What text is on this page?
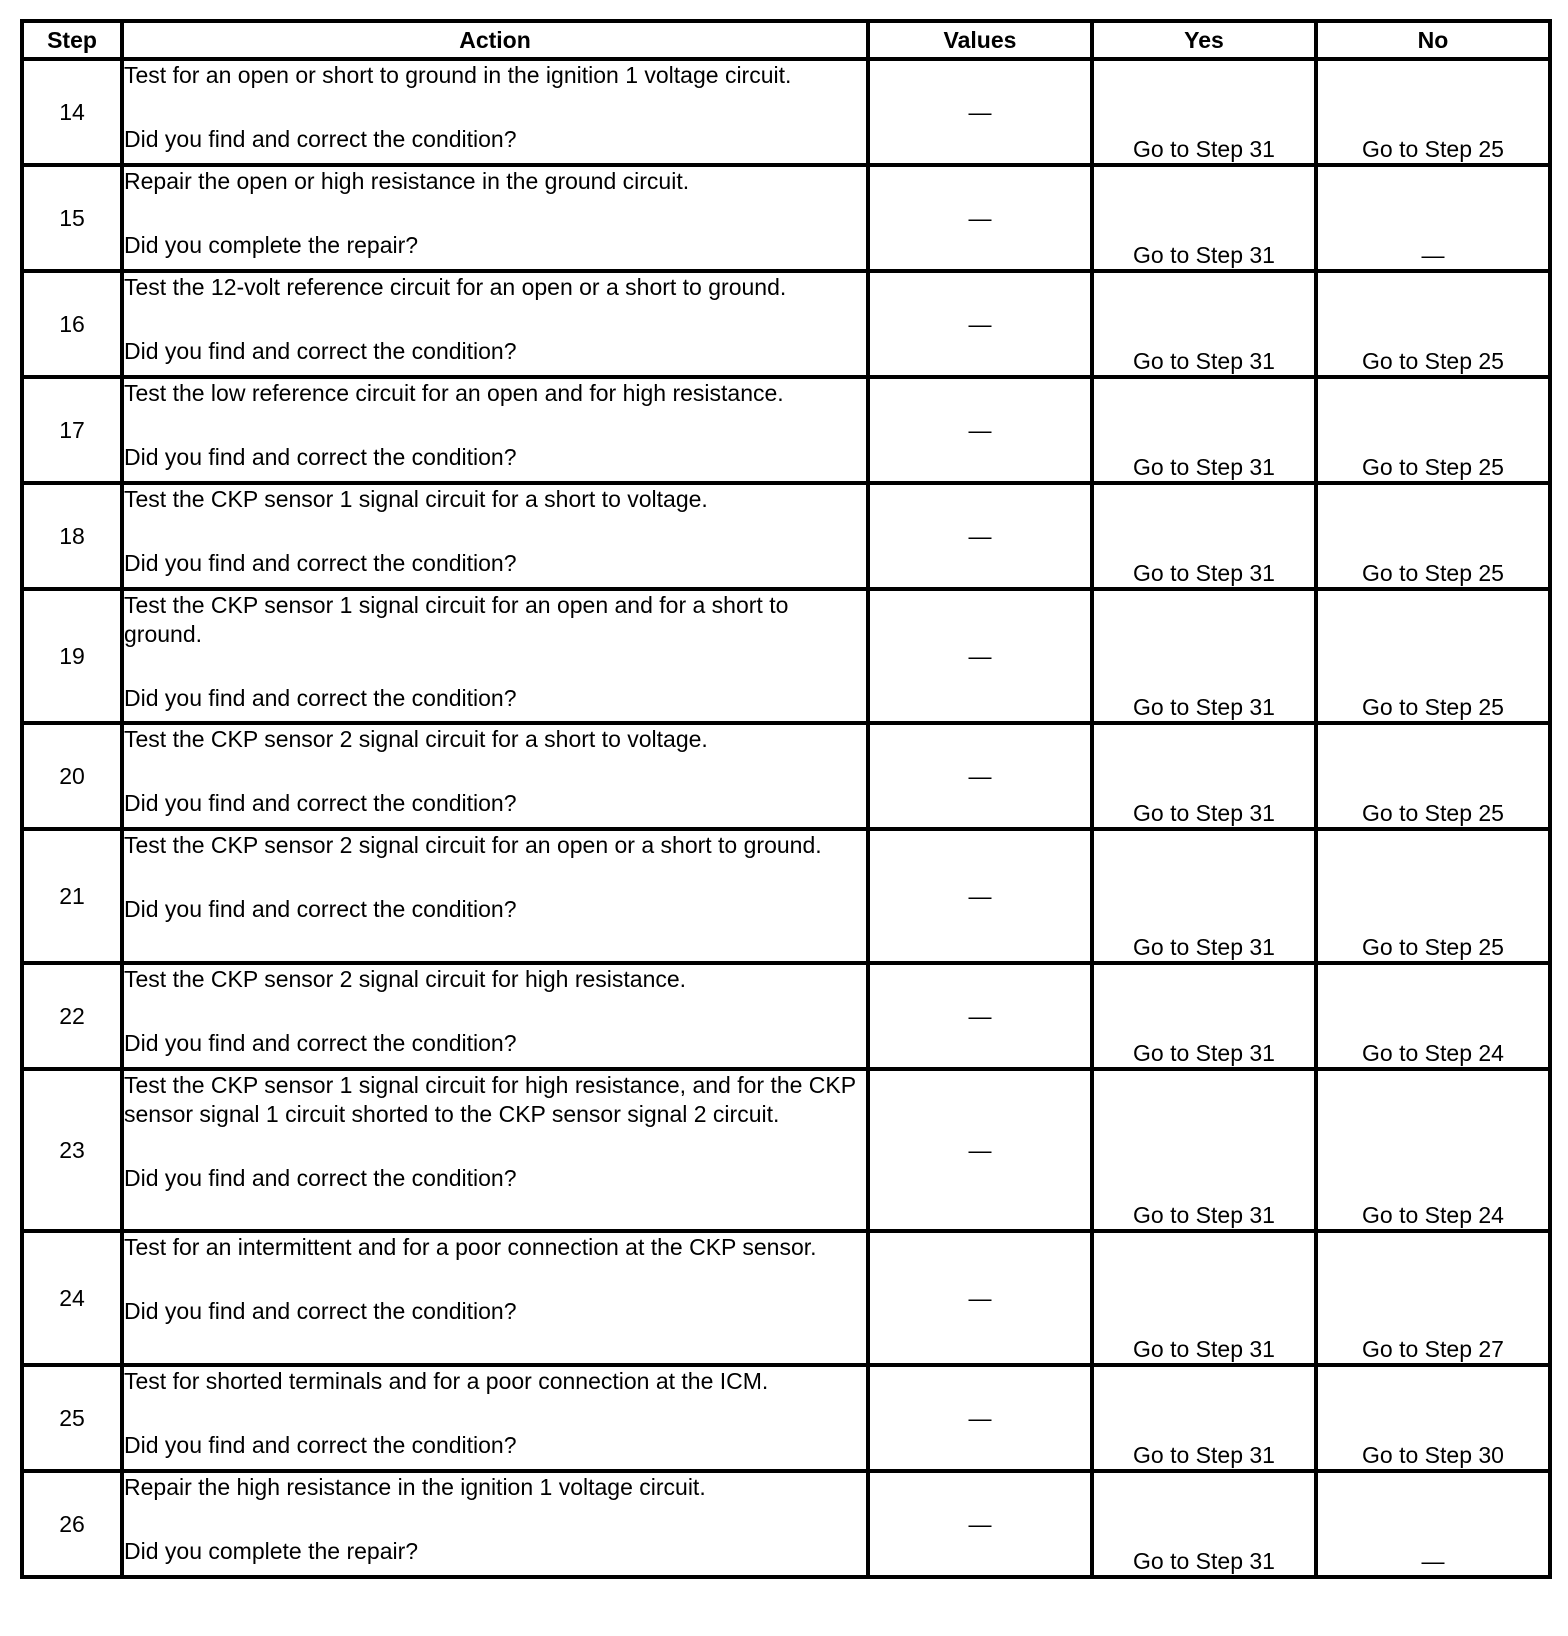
Step	Action	Values	Yes	No
14	Test for an open or short to ground in the ignition 1 voltage circuit.
Did you find and correct the condition?	—	Go to Step 31	Go to Step 25
15	Repair the open or high resistance in the ground circuit.
Did you complete the repair?	—	Go to Step 31	—
16	Test the 12-volt reference circuit for an open or a short to ground.
Did you find and correct the condition?	—	Go to Step 31	Go to Step 25
17	Test the low reference circuit for an open and for high resistance.
Did you find and correct the condition?	—	Go to Step 31	Go to Step 25
18	Test the CKP sensor 1 signal circuit for a short to voltage.
Did you find and correct the condition?	—	Go to Step 31	Go to Step 25
19	Test the CKP sensor 1 signal circuit for an open and for a short to ground.
Did you find and correct the condition?	—	Go to Step 31	Go to Step 25
20	Test the CKP sensor 2 signal circuit for a short to voltage.
Did you find and correct the condition?	—	Go to Step 31	Go to Step 25
21	Test the CKP sensor 2 signal circuit for an open or a short to ground.
Did you find and correct the condition?	—	Go to Step 31	Go to Step 25
22	Test the CKP sensor 2 signal circuit for high resistance.
Did you find and correct the condition?	—	Go to Step 31	Go to Step 24
23	Test the CKP sensor 1 signal circuit for high resistance, and for the CKP sensor signal 1 circuit shorted to the CKP sensor signal 2 circuit.
Did you find and correct the condition?	—	Go to Step 31	Go to Step 24
24	Test for an intermittent and for a poor connection at the CKP sensor.
Did you find and correct the condition?	—	Go to Step 31	Go to Step 27
25	Test for shorted terminals and for a poor connection at the ICM.
Did you find and correct the condition?	—	Go to Step 31	Go to Step 30
26	Repair the high resistance in the ignition 1 voltage circuit.
Did you complete the repair?	—	Go to Step 31	—
